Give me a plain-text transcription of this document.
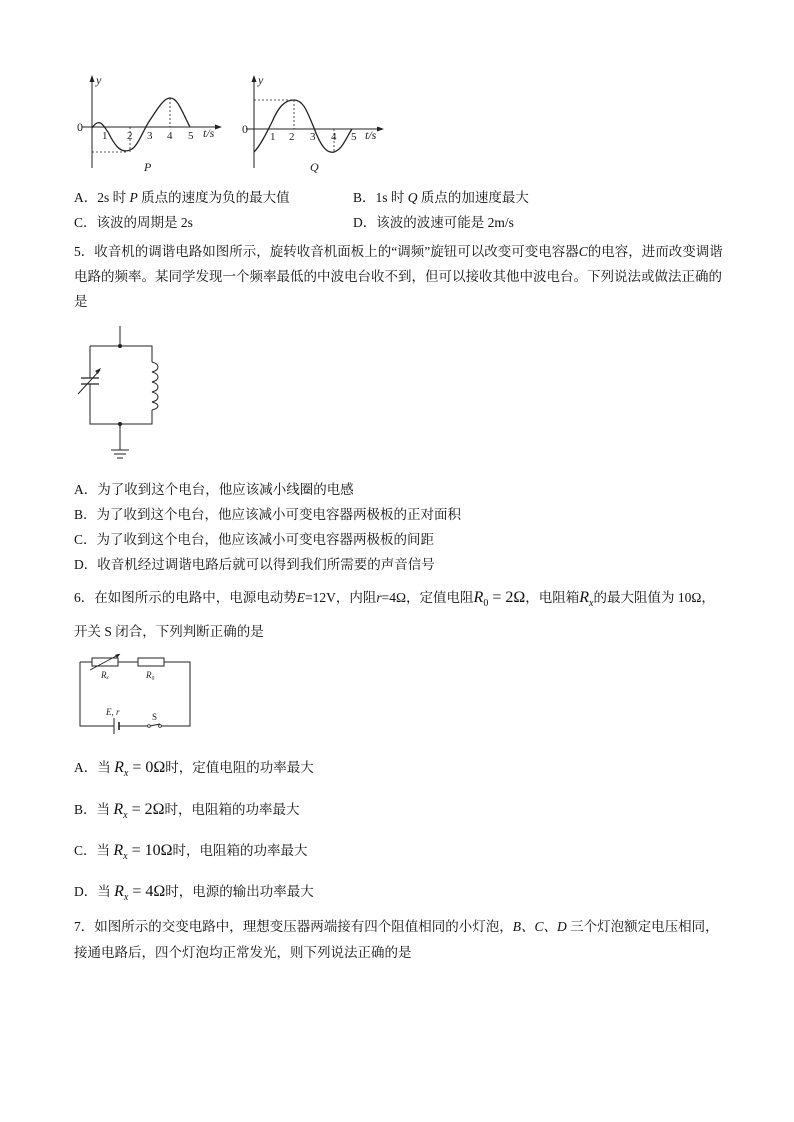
y
0
1 2 3 4 5 t/s
P
y
0
1 2 3 4 5 t/s
Q
A．2s 时 P 质点的速度为负的最大值	B．1s 时 Q 质点的加速度最大
C．该波的周期是 2s	D．该波的波速可能是 2m/s
5．收音机的调谐电路如图所示，旋转收音机面板上的“调频”旋钮可以改变可变电容器C的电容，进而改变调谐电路的频率。某同学发现一个频率最低的中波电台收不到，但可以接收其他中波电台。下列说法或做法正确的是
A．为了收到这个电台，他应该减小线圈的电感
B．为了收到这个电台，他应该减小可变电容器两极板的正对面积
C．为了收到这个电台，他应该减小可变电容器两极板的间距
D．收音机经过调谐电路后就可以得到我们所需要的声音信号
6．在如图所示的电路中，电源电动势E=12V，内阻r=4Ω，定值电阻$R_0 = 2\Omega$，电阻箱$R_x$的最大阻值为 10Ω，
开关 S 闭合，下列判断正确的是
Rₓ	R₀
E, r	S
A．当 $R_x = 0\Omega$时，定值电阻的功率最大
B．当 $R_x = 2\Omega$时，电阻箱的功率最大
C．当 $R_x = 10\Omega$时，电阻箱的功率最大
D．当 $R_x = 4\Omega$时，电源的输出功率最大
7．如图所示的交变电路中，理想变压器两端接有四个阻值相同的小灯泡，B、C、D 三个灯泡额定电压相同，
接通电路后，四个灯泡均正常发光，则下列说法正确的是
